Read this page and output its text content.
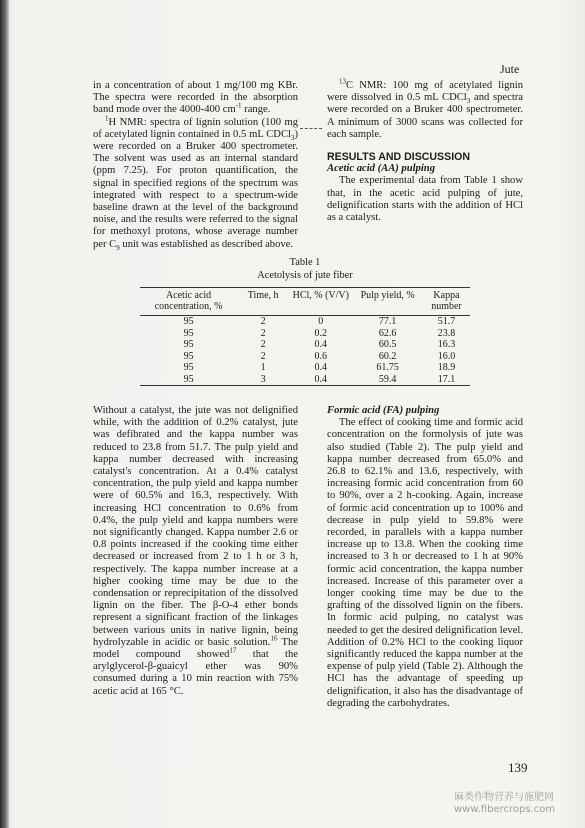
Jute

in a concentration of about 1 mg/100 mg KBr. The spectra were recorded in the absorption band mode over the 4000-400 $cm^{-1}$ range.

$^1$H NMR: spectra of lignin solution (100 mg of acetylated lignin contained in 0.5 mL CDCl$_3$) were recorded on a Bruker 400 spectrometer. The solvent was used as an internal standard (ppm 7.25). For proton quantification, the signal in specified regions of the spectrum was integrated with respect to a spectrum-wide baseline drawn at the level of the background noise, and the results were referred to the signal for methoxyl protons, whose average number per $C_9$ unit was established as described above.

$^{13}$C NMR: 100 mg of acetylated lignin were dissolved in 0.5 mL CDCl$_3$ and spectra were recorded on a Bruker 400 spectrometer. A minimum of 3000 scans was collected for each sample.

RESULTS AND DISCUSSION

Acetic acid (AA) pulping

The experimental data from Table 1 show that, in the acetic acid pulping of jute, delignification starts with the addition of HCl as a catalyst.

Table 1
Acetolysis of jute fiber
Acetic acid concentration, %	Time, h	HCl, % (V/V)	Pulp yield, %	Kappa number
95	2	0	77.1	51.7
95	2	0.2	62.6	23.8
95	2	0.4	60.5	16.3
95	2	0.6	60.2	16.0
95	1	0.4	61.75	18.9
95	3	0.4	59.4	17.1

Without a catalyst, the jute was not delignified while, with the addition of 0.2% catalyst, jute was defibrated and the kappa number was reduced to 23.8 from 51.7. The pulp yield and kappa number decreased with increasing catalyst's concentration. At a 0.4% catalyst concentration, the pulp yield and kappa number were of 60.5% and 16.3, respectively. With increasing HCl concentration to 0.6% from 0.4%, the pulp yield and kappa numbers were not significantly changed. Kappa number 2.6 or 0.8 points increased if the cooking time either decreased or increased from 2 to 1 h or 3 h, respectively. The kappa number increase at a higher cooking time may be due to the condensation or reprecipitation of the dissolved lignin on the fiber. The β-O-4 ether bonds represent a significant fraction of the linkages between various units in native lignin, being hydrolyzable in acidic or basic solution.$^{16}$ The model compound showed$^{17}$ that the arylglycerol-β-guaicyl ether was 90% consumed during a 10 min reaction with 75% acetic acid at 165 °C.

Formic acid (FA) pulping

The effect of cooking time and formic acid concentration on the formolysis of jute was also studied (Table 2). The pulp yield and kappa number decreased from 65.0% and 26.8 to 62.1% and 13.6, respectively, with increasing formic acid concentration from 60 to 90%, over a 2 h-cooking. Again, increase of formic acid concentration up to 100% and decrease in pulp yield to 59.8% were recorded, in parallels with a kappa number increase up to 13.8. When the cooking time increased to 3 h or decreased to 1 h at 90% formic acid concentration, the kappa number increased. Increase of this parameter over a longer cooking time may be due to the grafting of the dissolved lignin on the fibers. In formic acid pulping, no catalyst was needed to get the desired delignification level. Addition of 0.2% HCl to the cooking liquor significantly reduced the kappa number at the expense of pulp yield (Table 2). Although the HCl has the advantage of speeding up delignification, it also has the disadvantage of degrading the carbohydrates.

139
麻类作物营养与施肥网
www.fibercrops.com
